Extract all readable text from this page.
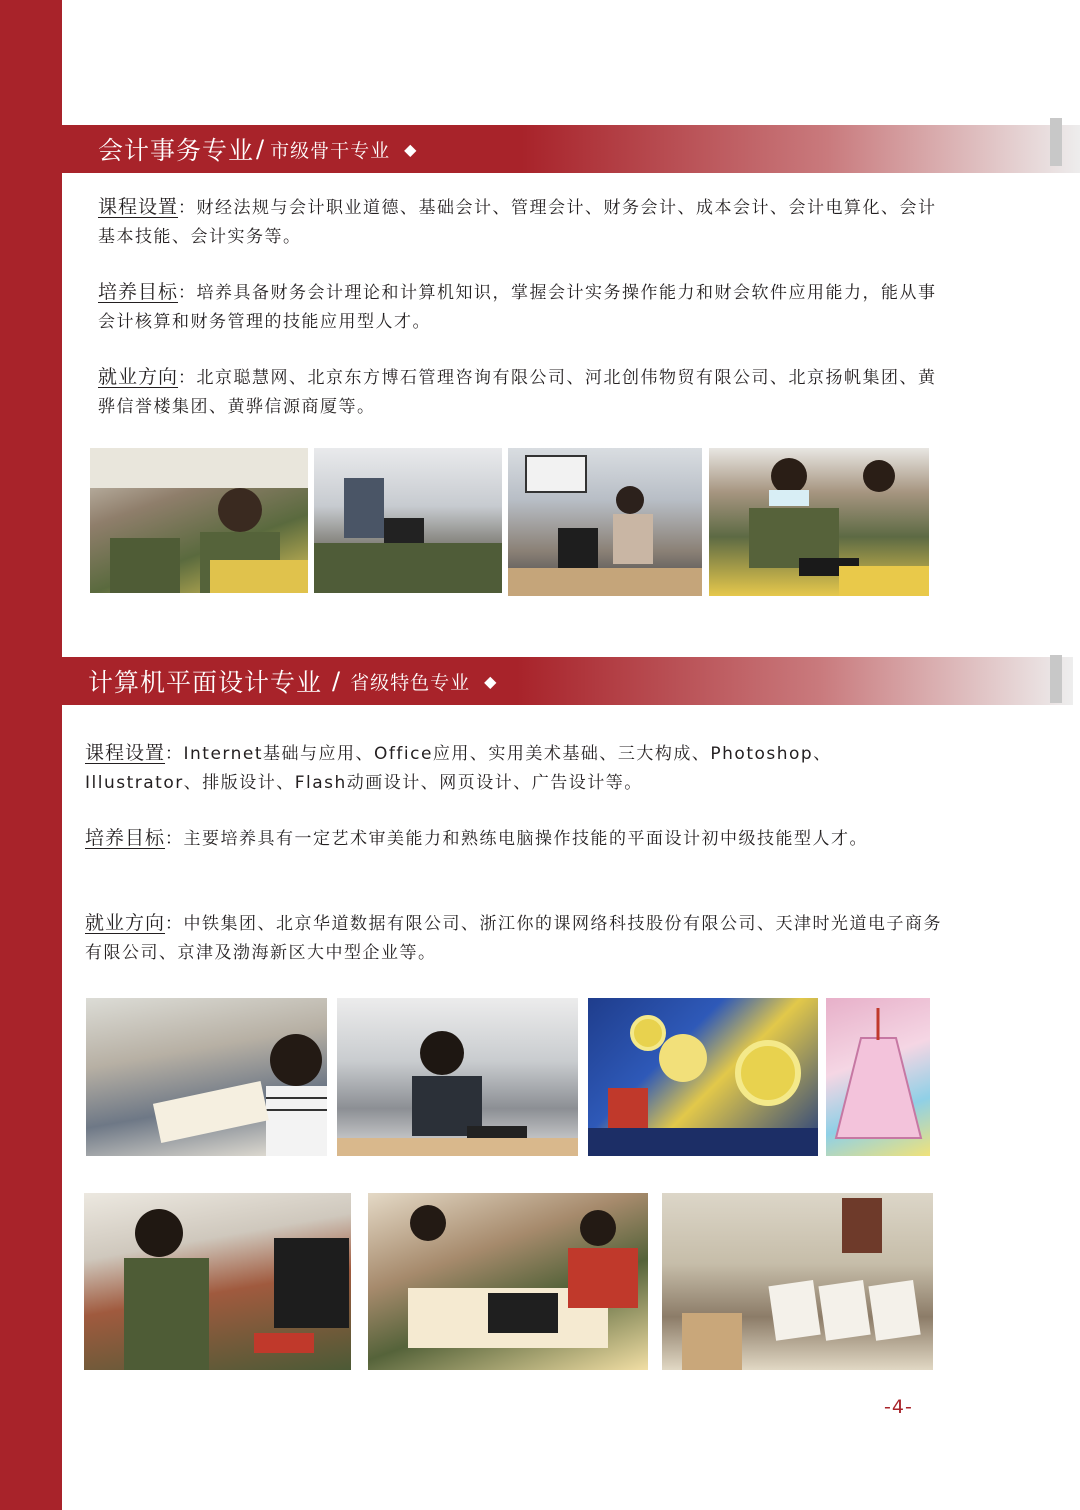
会计事务专业 / 市级骨干专业 ◆
课程设置：财经法规与会计职业道德、基础会计、管理会计、财务会计、成本会计、会计电算化、会计基本技能、会计实务等。
培养目标：培养具备财务会计理论和计算机知识，掌握会计实务操作能力和财会软件应用能力，能从事会计核算和财务管理的技能应用型人才。
就业方向：北京聪慧网、北京东方博石管理咨询有限公司、河北创伟物贸有限公司、北京扬帆集团、黄骅信誉楼集团、黄骅信源商厦等。
计算机平面设计专业 / 省级特色专业 ◆
课程设置：Internet基础与应用、Office应用、实用美术基础、三大构成、Photoshop、Illustrator、排版设计、Flash动画设计、网页设计、广告设计等。
培养目标：主要培养具有一定艺术审美能力和熟练电脑操作技能的平面设计初中级技能型人才。
就业方向：中铁集团、北京华道数据有限公司、浙江你的课网络科技股份有限公司、天津时光道电子商务有限公司、京津及渤海新区大中型企业等。
-4-
